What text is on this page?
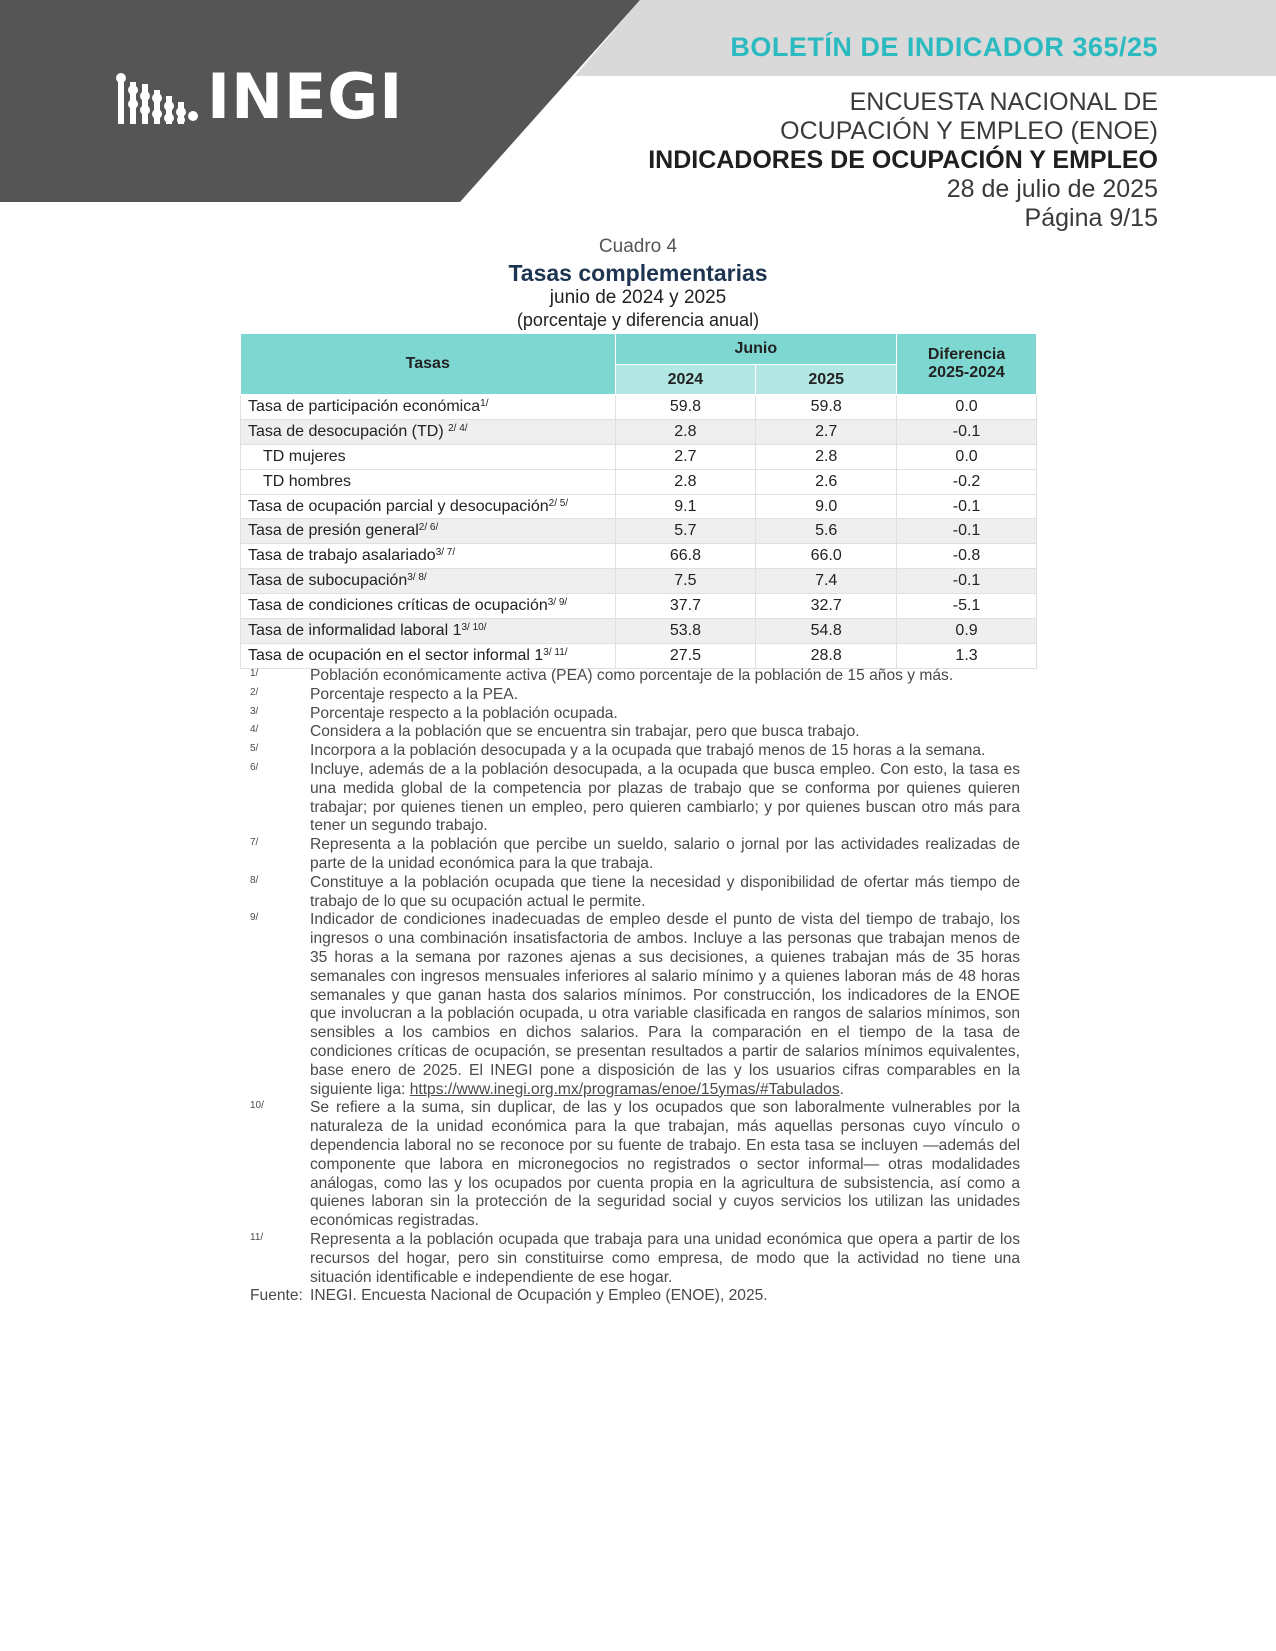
INEGI
BOLETÍN DE INDICADOR 365/25
ENCUESTA NACIONAL DE
OCUPACIÓN Y EMPLEO (ENOE)
INDICADORES DE OCUPACIÓN Y EMPLEO
28 de julio de 2025
Página 9/15
Cuadro 4
Tasas complementarias
junio de 2024 y 2025
(porcentaje y diferencia anual)
Tasas	Junio		Diferencia
2025-2024

	2024	2025	
Tasa de participación económica$^{1/}$	59.8	59.8	0.0
Tasa de desocupación (TD) $^{2/ 4/}$	2.8	2.7	-0.1
TD mujeres	2.7	2.8	0.0
TD hombres	2.8	2.6	-0.2
Tasa de ocupación parcial y desocupación$^{2/ 5/}$	9.1	9.0	-0.1
Tasa de presión general$^{2/ 6/}$	5.7	5.6	-0.1
Tasa de trabajo asalariado$^{3/ 7/}$	66.8	66.0	-0.8
Tasa de subocupación$^{3/ 8/}$	7.5	7.4	-0.1
Tasa de condiciones críticas de ocupación$^{3/ 9/}$	37.7	32.7	-5.1
Tasa de informalidad laboral $1^{3/ 10/}$	53.8	54.8	0.9
Tasa de ocupación en el sector informal $1^{3/ 11/}$	27.5	28.8	1.3
1/	Población económicamente activa (PEA) como porcentaje de la población de 15 años y más.
2/	Porcentaje respecto a la PEA.
3/	Porcentaje respecto a la población ocupada.
4/	Considera a la población que se encuentra sin trabajar, pero que busca trabajo.
5/	Incorpora a la población desocupada y a la ocupada que trabajó menos de 15 horas a la semana.
6/	Incluye, además de a la población desocupada, a la ocupada que busca empleo. Con esto, la tasa es una medida global de la competencia por plazas de trabajo que se conforma por quienes quieren trabajar; por quienes tienen un empleo, pero quieren cambiarlo; y por quienes buscan otro más para tener un segundo trabajo.
7/	Representa a la población que percibe un sueldo, salario o jornal por las actividades realizadas de parte de la unidad económica para la que trabaja.
8/	Constituye a la población ocupada que tiene la necesidad y disponibilidad de ofertar más tiempo de trabajo de lo que su ocupación actual le permite.
9/	Indicador de condiciones inadecuadas de empleo desde el punto de vista del tiempo de trabajo, los ingresos o una combinación insatisfactoria de ambos. Incluye a las personas que trabajan menos de 35 horas a la semana por razones ajenas a sus decisiones, a quienes trabajan más de 35 horas semanales con ingresos mensuales inferiores al salario mínimo y a quienes laboran más de 48 horas semanales y que ganan hasta dos salarios mínimos. Por construcción, los indicadores de la ENOE que involucran a la población ocupada, u otra variable clasificada en rangos de salarios mínimos, son sensibles a los cambios en dichos salarios. Para la comparación en el tiempo de la tasa de condiciones críticas de ocupación, se presentan resultados a partir de salarios mínimos equivalentes, base enero de 2025. El INEGI pone a disposición de las y los usuarios cifras comparables en la siguiente liga: https://www.inegi.org.mx/programas/enoe/15ymas/#Tabulados.
10/	Se refiere a la suma, sin duplicar, de las y los ocupados que son laboralmente vulnerables por la naturaleza de la unidad económica para la que trabajan, más aquellas personas cuyo vínculo o dependencia laboral no se reconoce por su fuente de trabajo. En esta tasa se incluyen —además del componente que labora en micronegocios no registrados o sector informal— otras modalidades análogas, como las y los ocupados por cuenta propia en la agricultura de subsistencia, así como a quienes laboran sin la protección de la seguridad social y cuyos servicios los utilizan las unidades económicas registradas.
11/	Representa a la población ocupada que trabaja para una unidad económica que opera a partir de los recursos del hogar, pero sin constituirse como empresa, de modo que la actividad no tiene una situación identificable e independiente de ese hogar.
Fuente: INEGI. Encuesta Nacional de Ocupación y Empleo (ENOE), 2025.
